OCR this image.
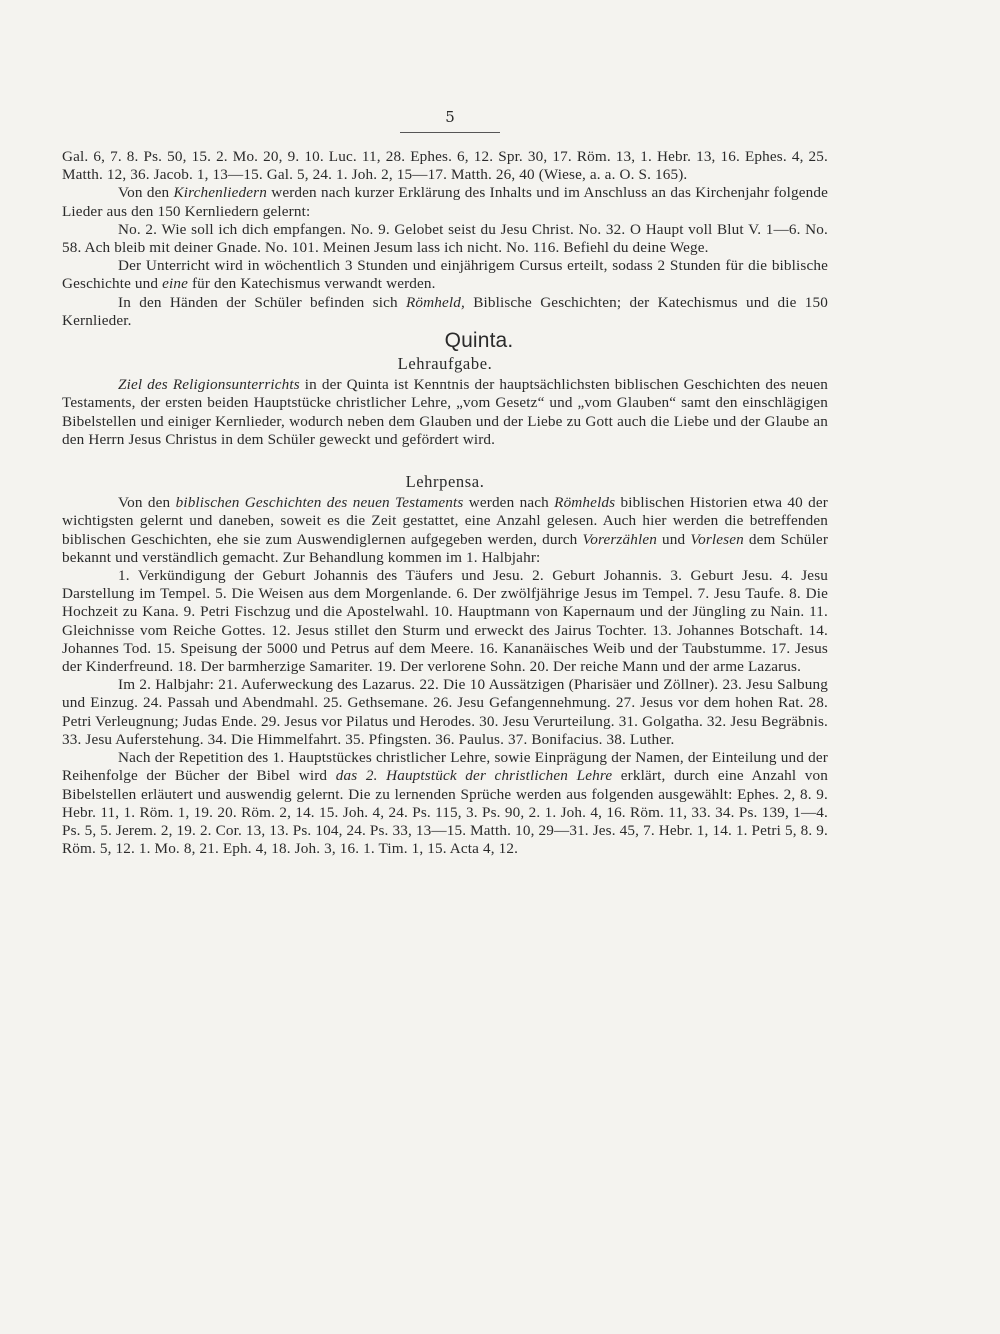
5

Gal. 6, 7. 8. Ps. 50, 15. 2. Mo. 20, 9. 10. Luc. 11, 28. Ephes. 6, 12. Spr. 30, 17. Röm. 13, 1. Hebr. 13, 16. Ephes. 4, 25. Matth. 12, 36. Jacob. 1, 13—15. Gal. 5, 24. 1. Joh. 2, 15—17. Matth. 26, 40 (Wiese, a. a. O. S. 165).

Von den Kirchenliedern werden nach kurzer Erklärung des Inhalts und im Anschluss an das Kirchenjahr folgende Lieder aus den 150 Kernliedern gelernt:

No. 2. Wie soll ich dich empfangen. No. 9. Gelobet seist du Jesu Christ. No. 32. O Haupt voll Blut V. 1—6. No. 58. Ach bleib mit deiner Gnade. No. 101. Meinen Jesum lass ich nicht. No. 116. Befiehl du deine Wege.

Der Unterricht wird in wöchentlich 3 Stunden und einjährigem Cursus erteilt, sodass 2 Stunden für die biblische Geschichte und eine für den Katechismus verwandt werden.

In den Händen der Schüler befinden sich Römheld, Biblische Geschichten; der Katechismus und die 150 Kernlieder.

Quinta.
Lehraufgabe.

Ziel des Religionsunterrichts in der Quinta ist Kenntnis der hauptsächlichsten biblischen Geschichten des neuen Testaments, der ersten beiden Hauptstücke christlicher Lehre, „vom Gesetz“ und „vom Glauben“ samt den einschlägigen Bibelstellen und einiger Kernlieder, wodurch neben dem Glauben und der Liebe zu Gott auch die Liebe und der Glaube an den Herrn Jesus Christus in dem Schüler geweckt und gefördert wird.

Lehrpensa.

Von den biblischen Geschichten des neuen Testaments werden nach Römhelds biblischen Historien etwa 40 der wichtigsten gelernt und daneben, soweit es die Zeit gestattet, eine Anzahl gelesen. Auch hier werden die betreffenden biblischen Geschichten, ehe sie zum Auswendiglernen aufgegeben werden, durch Vorerzählen und Vorlesen dem Schüler bekannt und verständlich gemacht. Zur Behandlung kommen im 1. Halbjahr:

1. Verkündigung der Geburt Johannis des Täufers und Jesu. 2. Geburt Johannis. 3. Geburt Jesu. 4. Jesu Darstellung im Tempel. 5. Die Weisen aus dem Morgenlande. 6. Der zwölfjährige Jesus im Tempel. 7. Jesu Taufe. 8. Die Hochzeit zu Kana. 9. Petri Fischzug und die Apostelwahl. 10. Hauptmann von Kapernaum und der Jüngling zu Nain. 11. Gleichnisse vom Reiche Gottes. 12. Jesus stillet den Sturm und erweckt des Jairus Tochter. 13. Johannes Botschaft. 14. Johannes Tod. 15. Speisung der 5000 und Petrus auf dem Meere. 16. Kananäisches Weib und der Taubstumme. 17. Jesus der Kinderfreund. 18. Der barmherzige Samariter. 19. Der verlorene Sohn. 20. Der reiche Mann und der arme Lazarus.

Im 2. Halbjahr: 21. Auferweckung des Lazarus. 22. Die 10 Aussätzigen (Pharisäer und Zöllner). 23. Jesu Salbung und Einzug. 24. Passah und Abendmahl. 25. Gethsemane. 26. Jesu Gefangennehmung. 27. Jesus vor dem hohen Rat. 28. Petri Verleugnung; Judas Ende. 29. Jesus vor Pilatus und Herodes. 30. Jesu Verurteilung. 31. Golgatha. 32. Jesu Begräbnis. 33. Jesu Auferstehung. 34. Die Himmelfahrt. 35. Pfingsten. 36. Paulus. 37. Bonifacius. 38. Luther.

Nach der Repetition des 1. Hauptstückes christlicher Lehre, sowie Einprägung der Namen, der Einteilung und der Reihenfolge der Bücher der Bibel wird das 2. Hauptstück der christlichen Lehre erklärt, durch eine Anzahl von Bibelstellen erläutert und auswendig gelernt. Die zu lernenden Sprüche werden aus folgenden ausgewählt: Ephes. 2, 8. 9. Hebr. 11, 1. Röm. 1, 19. 20. Röm. 2, 14. 15. Joh. 4, 24. Ps. 115, 3. Ps. 90, 2. 1. Joh. 4, 16. Röm. 11, 33. 34. Ps. 139, 1—4. Ps. 5, 5. Jerem. 2, 19. 2. Cor. 13, 13. Ps. 104, 24. Ps. 33, 13—15. Matth. 10, 29—31. Jes. 45, 7. Hebr. 1, 14. 1. Petri 5, 8. 9. Röm. 5, 12. 1. Mo. 8, 21. Eph. 4, 18. Joh. 3, 16. 1. Tim. 1, 15. Acta 4, 12.
